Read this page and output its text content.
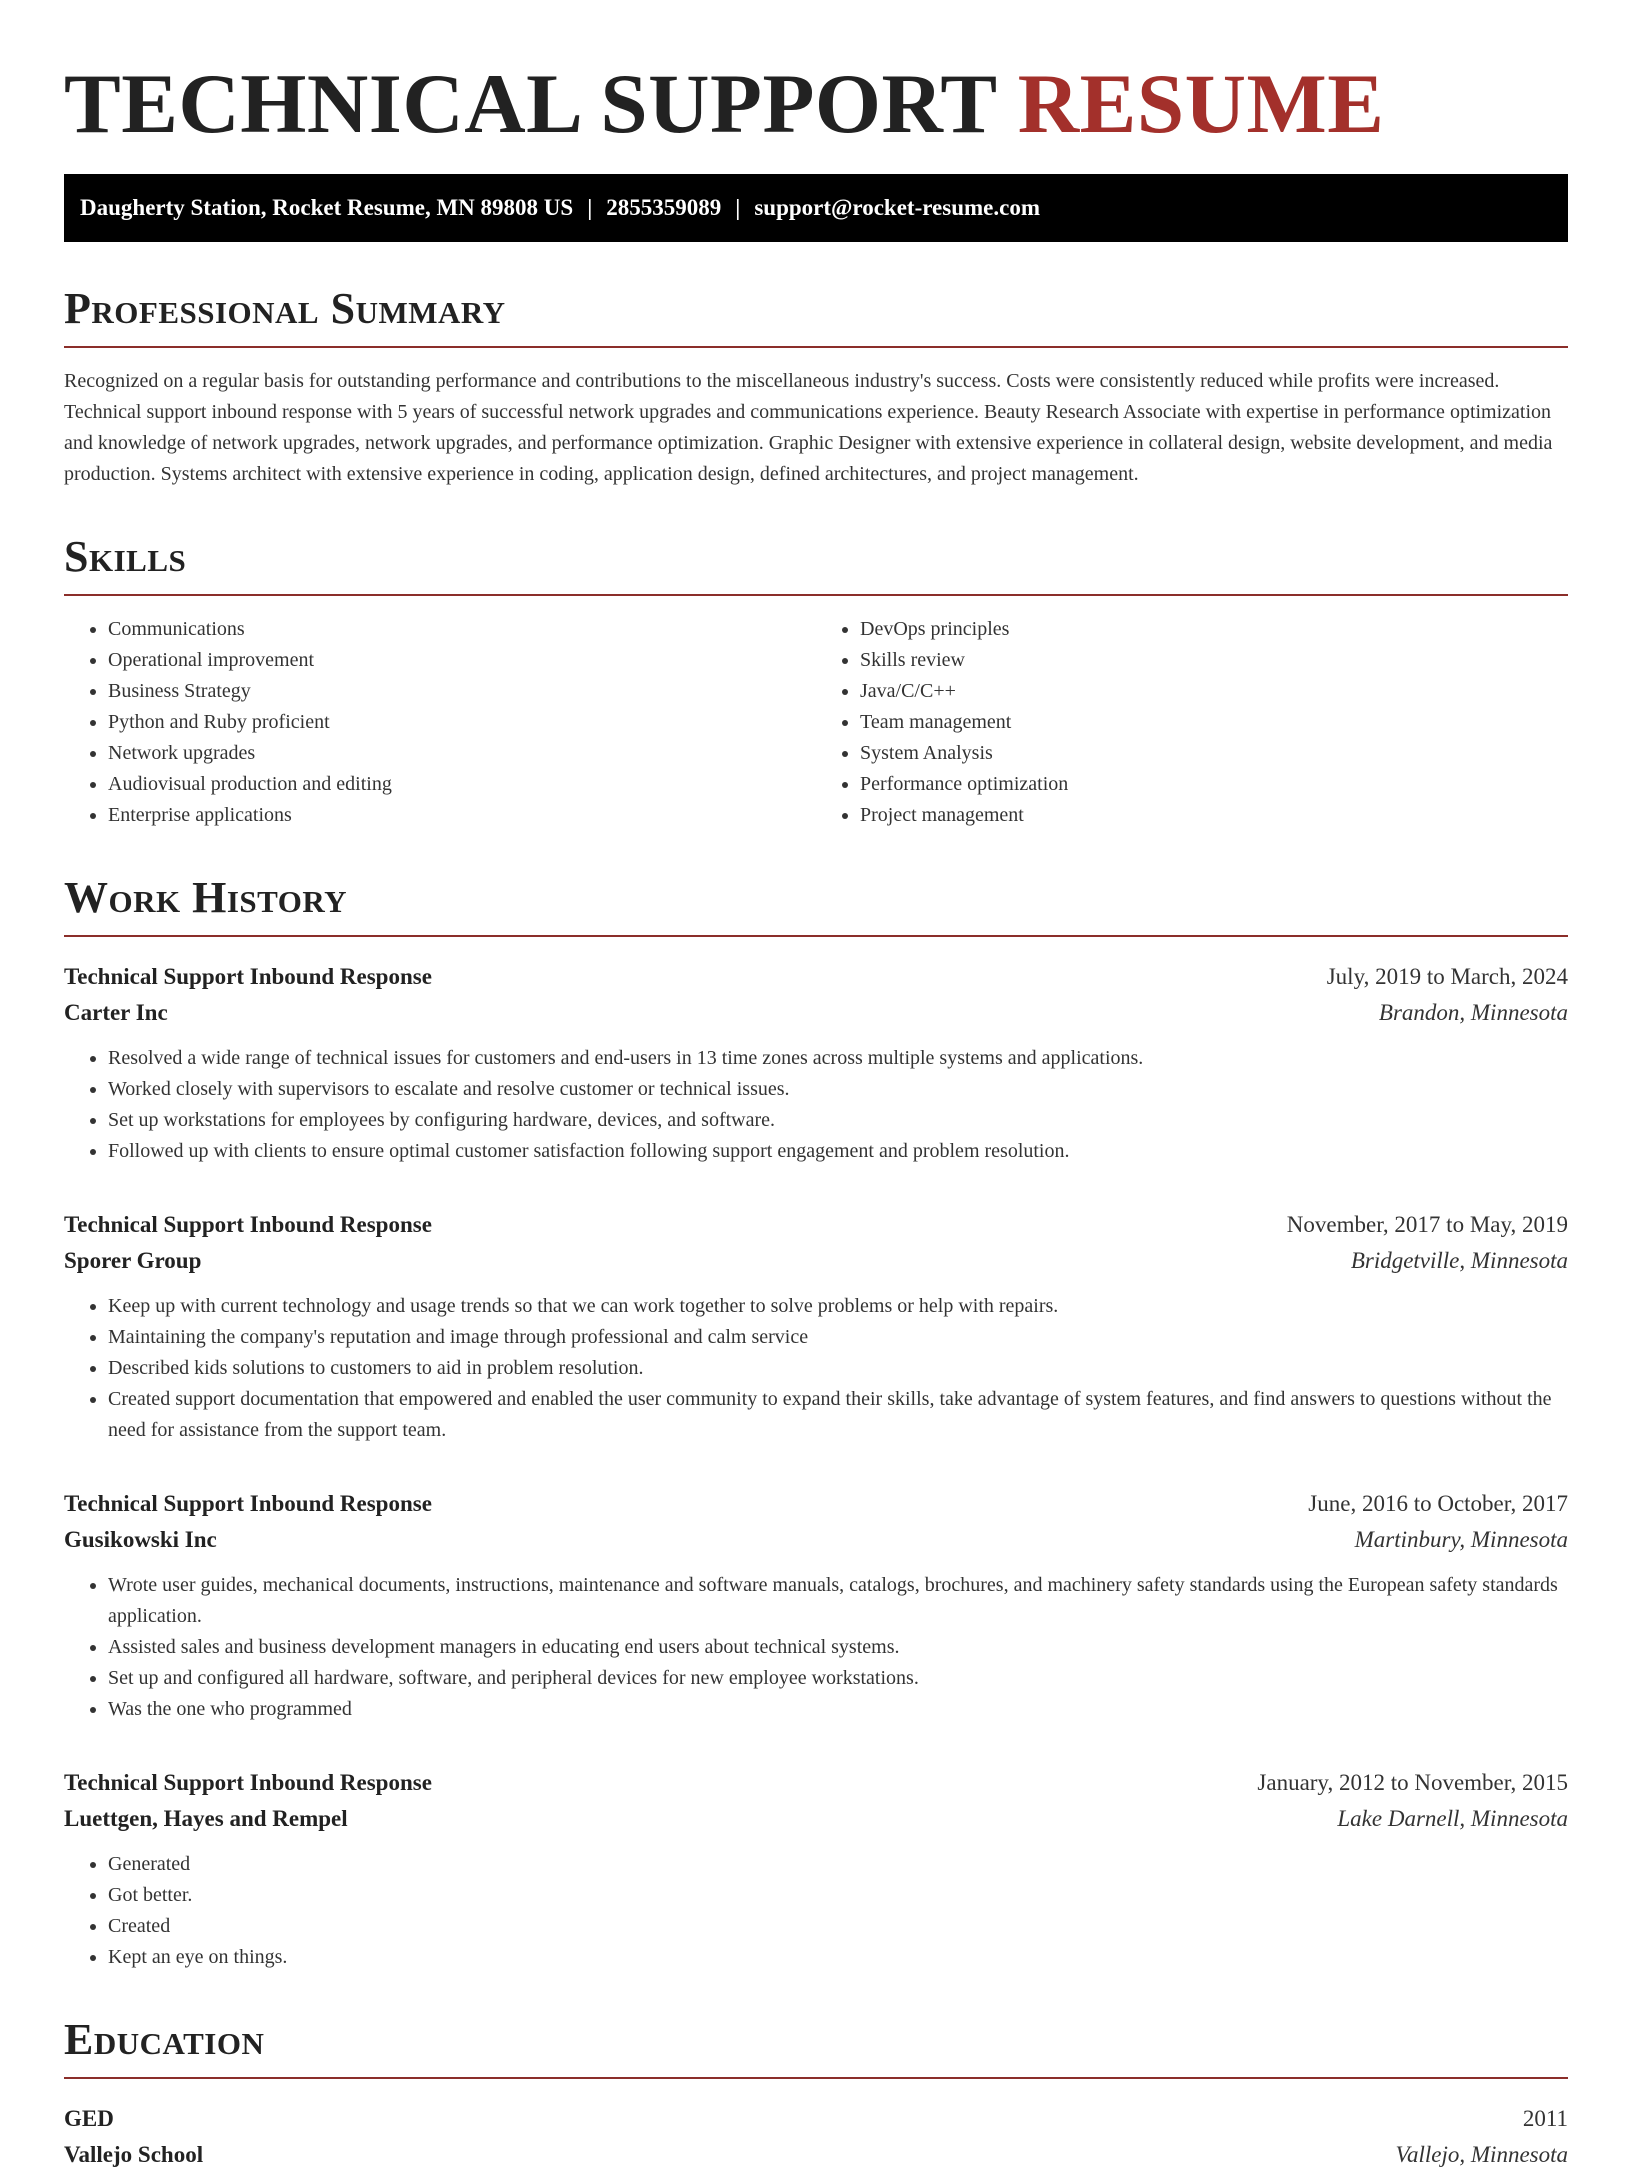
TECHNICAL SUPPORT RESUME
Daugherty Station, Rocket Resume, MN 89808 US | 2855359089 | support@rocket-resume.com
Professional Summary

Recognized on a regular basis for outstanding performance and contributions to the miscellaneous industry's success. Costs were consistently reduced while profits were increased. Technical support inbound response with 5 years of successful network upgrades and communications experience. Beauty Research Associate with expertise in performance optimization and knowledge of network upgrades, network upgrades, and performance optimization. Graphic Designer with extensive experience in collateral design, website development, and media production. Systems architect with extensive experience in coding, application design, defined architectures, and project management.

Skills
• Communications
• Operational improvement
• Business Strategy
• Python and Ruby proficient
• Network upgrades
• Audiovisual production and editing
• Enterprise applications
• DevOps principles
• Skills review
• Java/C/C++
• Team management
• System Analysis
• Performance optimization
• Project management
Work History
Technical Support Inbound Response	July, 2019 to March, 2024
Carter Inc	Brandon, Minnesota
• Resolved a wide range of technical issues for customers and end-users in 13 time zones across multiple systems and applications.
• Worked closely with supervisors to escalate and resolve customer or technical issues.
• Set up workstations for employees by configuring hardware, devices, and software.
• Followed up with clients to ensure optimal customer satisfaction following support engagement and problem resolution.
Technical Support Inbound Response	November, 2017 to May, 2019
Sporer Group	Bridgetville, Minnesota
• Keep up with current technology and usage trends so that we can work together to solve problems or help with repairs.
• Maintaining the company's reputation and image through professional and calm service
• Described kids solutions to customers to aid in problem resolution.
• Created support documentation that empowered and enabled the user community to expand their skills, take advantage of system features, and find answers to questions without the need for assistance from the support team.
Technical Support Inbound Response	June, 2016 to October, 2017
Gusikowski Inc	Martinbury, Minnesota
• Wrote user guides, mechanical documents, instructions, maintenance and software manuals, catalogs, brochures, and machinery safety standards using the European safety standards application.
• Assisted sales and business development managers in educating end users about technical systems.
• Set up and configured all hardware, software, and peripheral devices for new employee workstations.
• Was the one who programmed
Technical Support Inbound Response	January, 2012 to November, 2015
Luettgen, Hayes and Rempel	Lake Darnell, Minnesota
• Generated
• Got better.
• Created
• Kept an eye on things.
Education
GED	2011
Vallejo School	Vallejo, Minnesota
